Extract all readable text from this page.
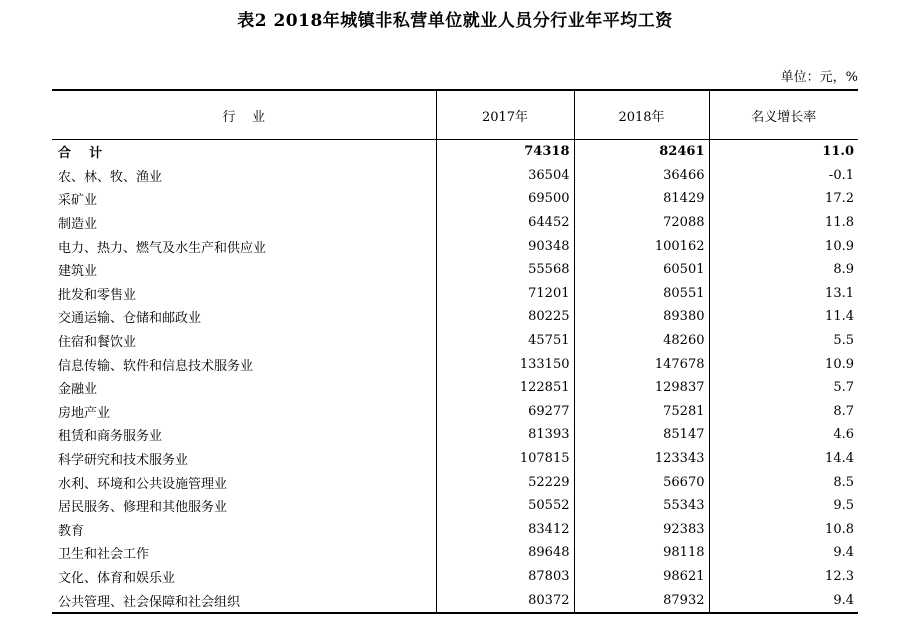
表2 2018年城镇非私营单位就业人员分行业年平均工资
单位：元，%
行    业	2017年	2018年	名义增长率
合    计	74318	82461	11.0
农、林、牧、渔业	36504	36466	-0.1
采矿业	69500	81429	17.2
制造业	64452	72088	11.8
电力、热力、燃气及水生产和供应业	90348	100162	10.9
建筑业	55568	60501	8.9
批发和零售业	71201	80551	13.1
交通运输、仓储和邮政业	80225	89380	11.4
住宿和餐饮业	45751	48260	5.5
信息传输、软件和信息技术服务业	133150	147678	10.9
金融业	122851	129837	5.7
房地产业	69277	75281	8.7
租赁和商务服务业	81393	85147	4.6
科学研究和技术服务业	107815	123343	14.4
水利、环境和公共设施管理业	52229	56670	8.5
居民服务、修理和其他服务业	50552	55343	9.5
教育	83412	92383	10.8
卫生和社会工作	89648	98118	9.4
文化、体育和娱乐业	87803	98621	12.3
公共管理、社会保障和社会组织	80372	87932	9.4
